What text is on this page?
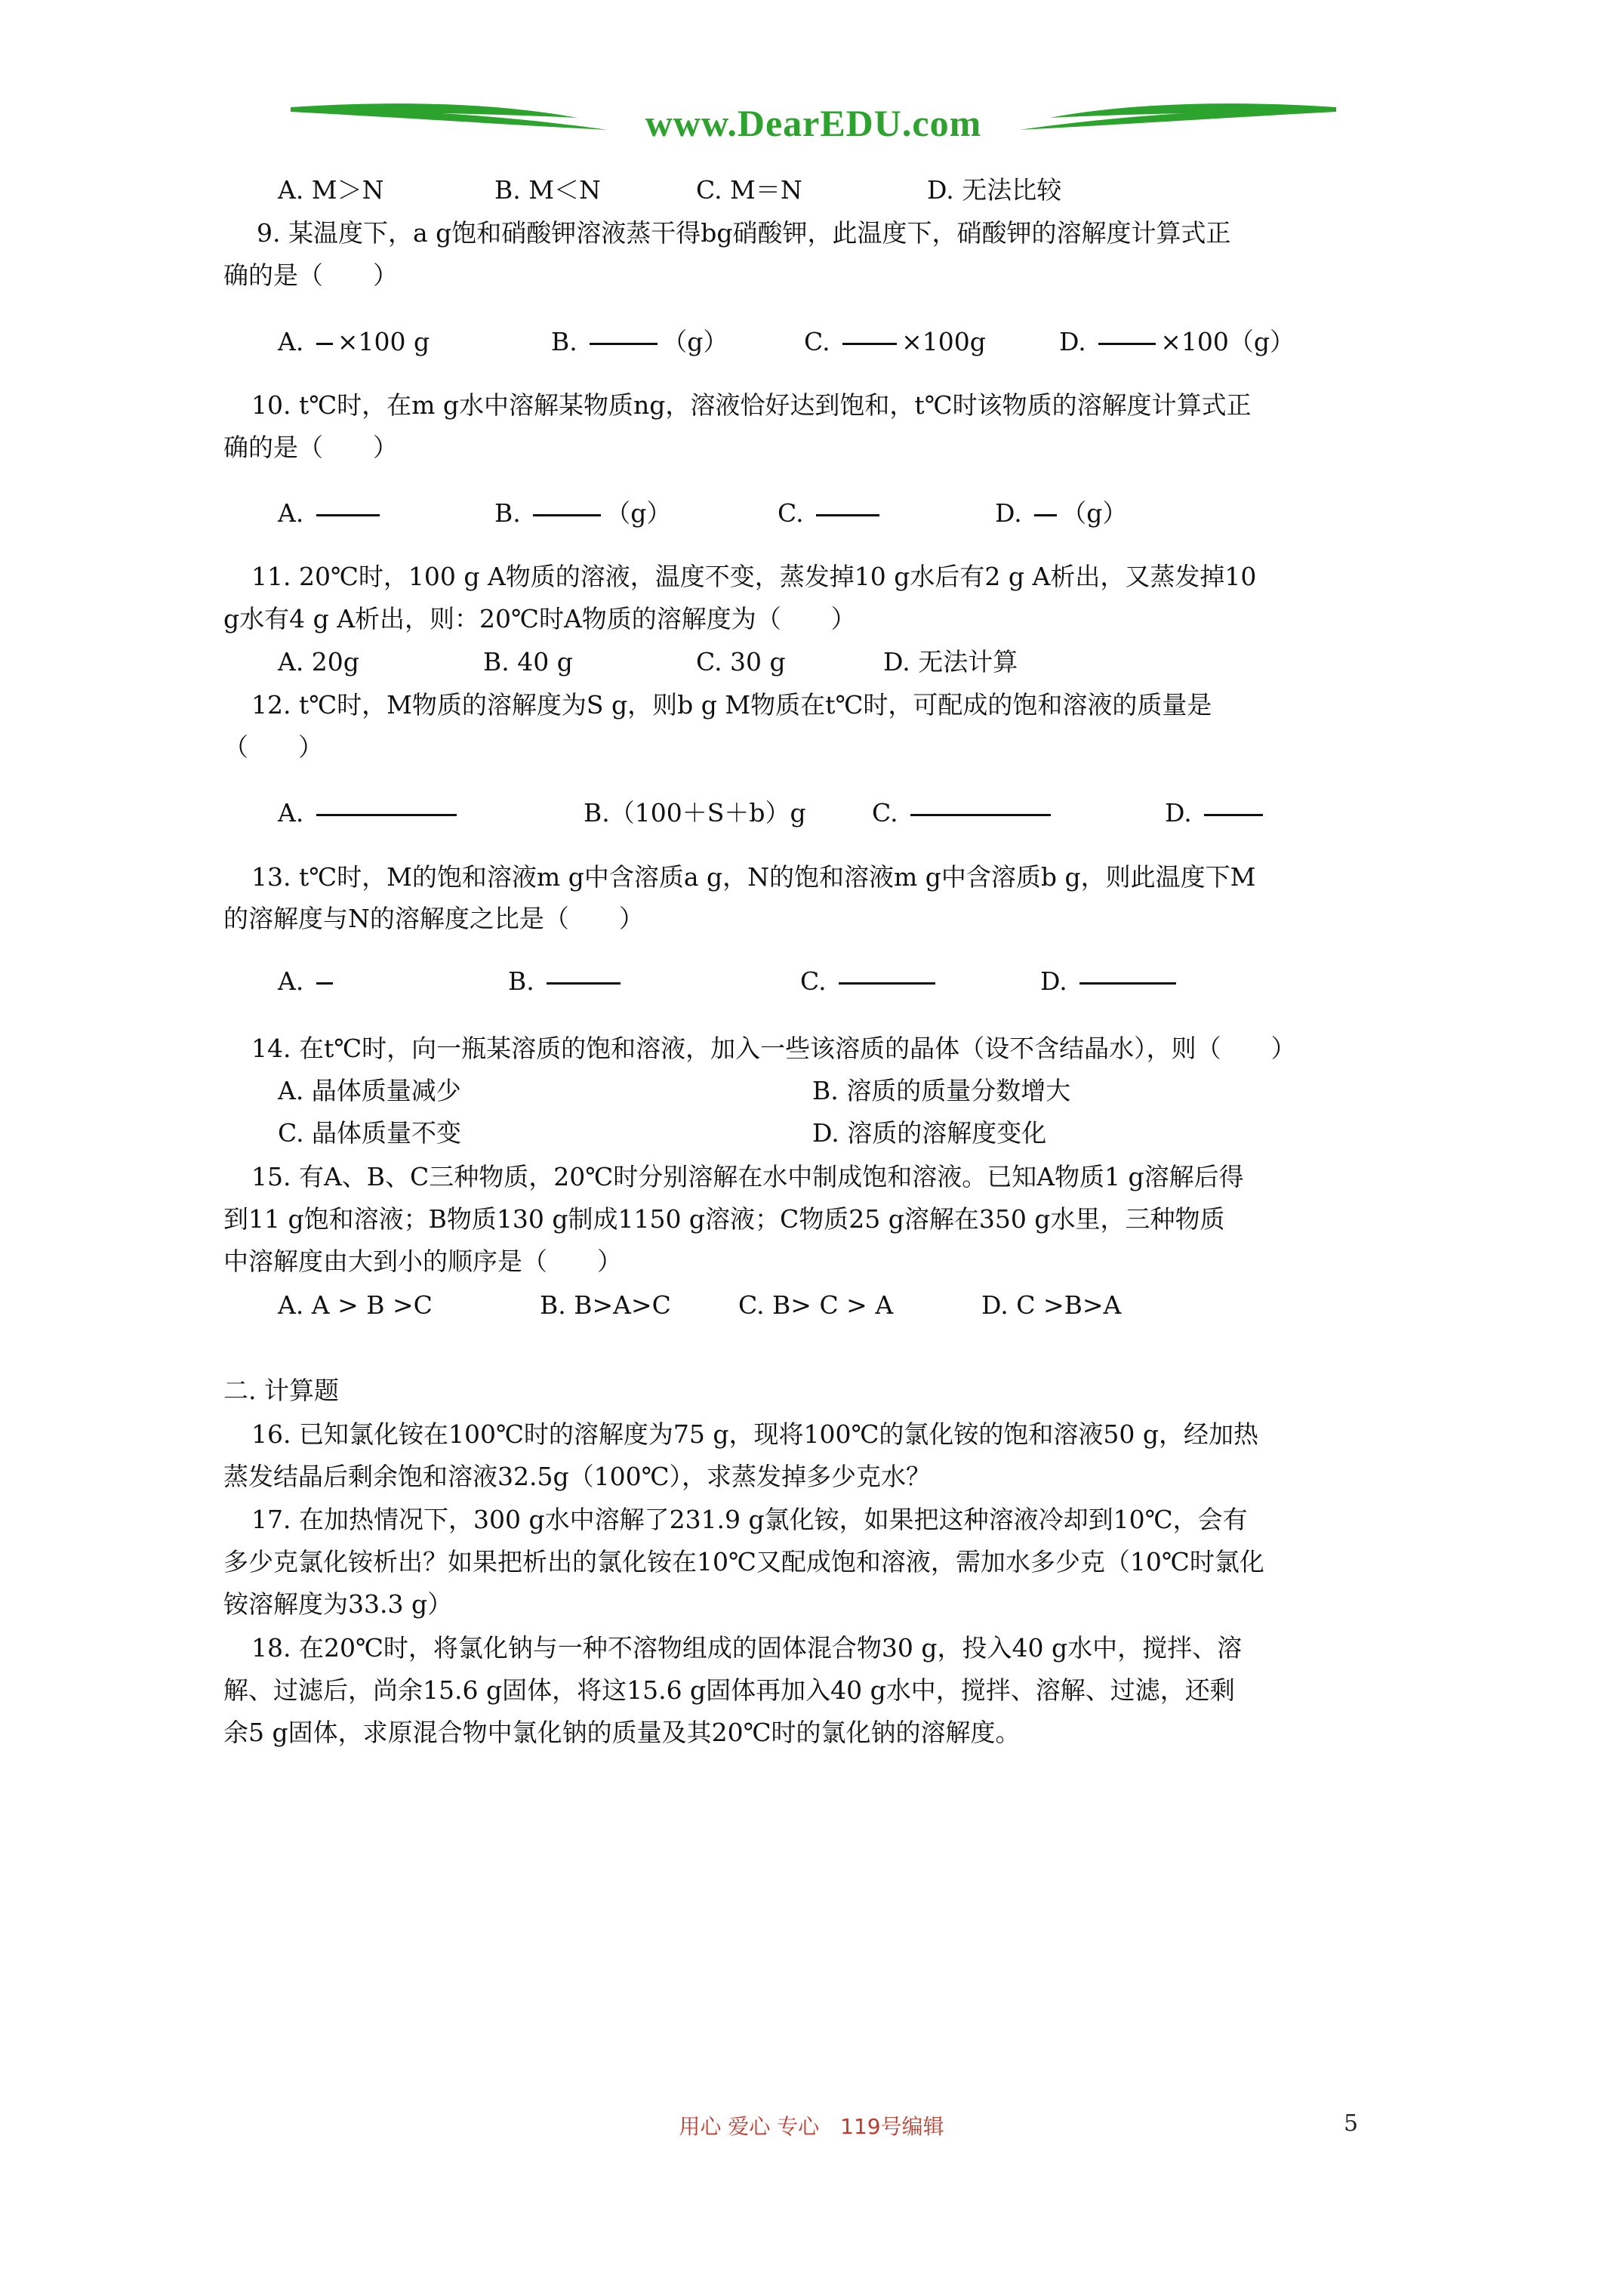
www.DearEDU.com
A. M＞N	B. M＜N	C. M＝N	D. 无法比较
9. 某温度下，a g饱和硝酸钾溶液蒸干得bg硝酸钾，此温度下，硝酸钾的溶解度计算式正
确的是（　　）
A. ×100 g	B.	（g）	C.	×100g	D.	×100（g）
10. t℃时，在m g水中溶解某物质ng，溶液恰好达到饱和，t℃时该物质的溶解度计算式正
确的是（　　）
A.	B.	（g）	C.	D. （g）
11. 20℃时，100 g A物质的溶液，温度不变，蒸发掉10 g水后有2 g A析出，又蒸发掉10
g水有4 g A析出，则：20℃时A物质的溶解度为（　　）
A. 20g	B. 40 g	C. 30 g	D. 无法计算
12. t℃时，M物质的溶解度为S g，则b g M物质在t℃时，可配成的饱和溶液的质量是
（　　）
A.	B.（100＋S＋b）g	C.	D.
13. t℃时，M的饱和溶液m g中含溶质a g，N的饱和溶液m g中含溶质b g，则此温度下M
的溶解度与N的溶解度之比是（　　）
A.	B.	C.	D.
14. 在t℃时，向一瓶某溶质的饱和溶液，加入一些该溶质的晶体（设不含结晶水），则（　　）
A. 晶体质量减少	B. 溶质的质量分数增大
C. 晶体质量不变	D. 溶质的溶解度变化
15. 有A、B、C三种物质，20℃时分别溶解在水中制成饱和溶液。已知A物质1 g溶解后得
到11 g饱和溶液；B物质130 g制成1150 g溶液；C物质25 g溶解在350 g水里，三种物质
中溶解度由大到小的顺序是（　　）
A. A > B >C	B. B>A>C	C. B> C > A	D. C >B>A
二. 计算题
16. 已知氯化铵在100℃时的溶解度为75 g，现将100℃的氯化铵的饱和溶液50 g，经加热
蒸发结晶后剩余饱和溶液32.5g（100℃），求蒸发掉多少克水？
17. 在加热情况下，300 g水中溶解了231.9 g氯化铵，如果把这种溶液冷却到10℃，会有
多少克氯化铵析出？如果把析出的氯化铵在10℃又配成饱和溶液，需加水多少克（10℃时氯化
铵溶解度为33.3 g）
18. 在20℃时，将氯化钠与一种不溶物组成的固体混合物30 g，投入40 g水中，搅拌、溶
解、过滤后，尚余15.6 g固体，将这15.6 g固体再加入40 g水中，搅拌、溶解、过滤，还剩
余5 g固体，求原混合物中氯化钠的质量及其20℃时的氯化钠的溶解度。
用心 爱心 专心　119号编辑	5
